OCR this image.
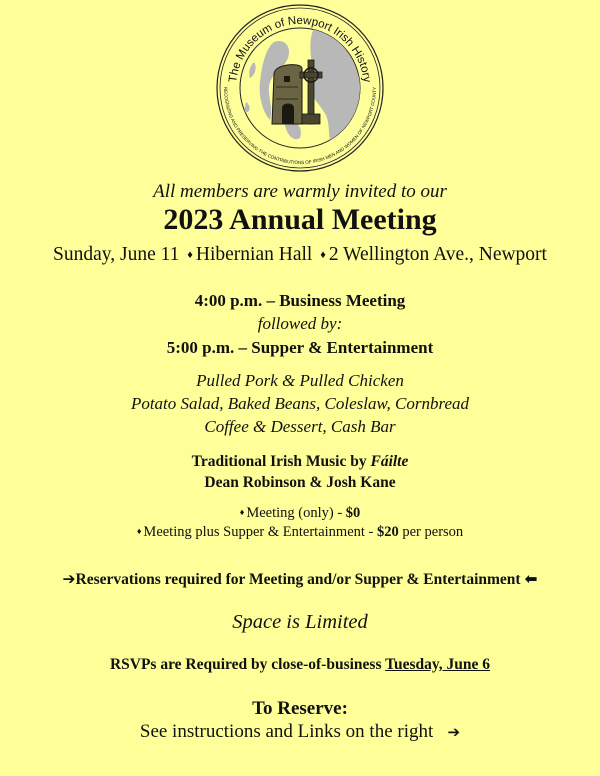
The Museum of Newport Irish History
RECOGNIZING AND PRESERVING THE CONTRIBUTIONS OF IRISH MEN AND WOMEN OF NEWPORT COUNTY
All members are warmly invited to our
2023 Annual Meeting
Sunday, June 11 ♦ Hibernian Hall ♦ 2 Wellington Ave., Newport
4:00 p.m. – Business Meeting
followed by:
5:00 p.m. – Supper & Entertainment
Pulled Pork & Pulled Chicken
Potato Salad, Baked Beans, Coleslaw, Cornbread
Coffee & Dessert, Cash Bar
Traditional Irish Music by Fáilte
Dean Robinson & Josh Kane
♦ Meeting (only) - $0
♦ Meeting plus Supper & Entertainment - $20 per person
➔Reservations required for Meeting and/or Supper & Entertainment ⬅
Space is Limited
RSVPs are Required by close-of-business Tuesday, June 6
To Reserve:
See instructions and Links on the right ➔
